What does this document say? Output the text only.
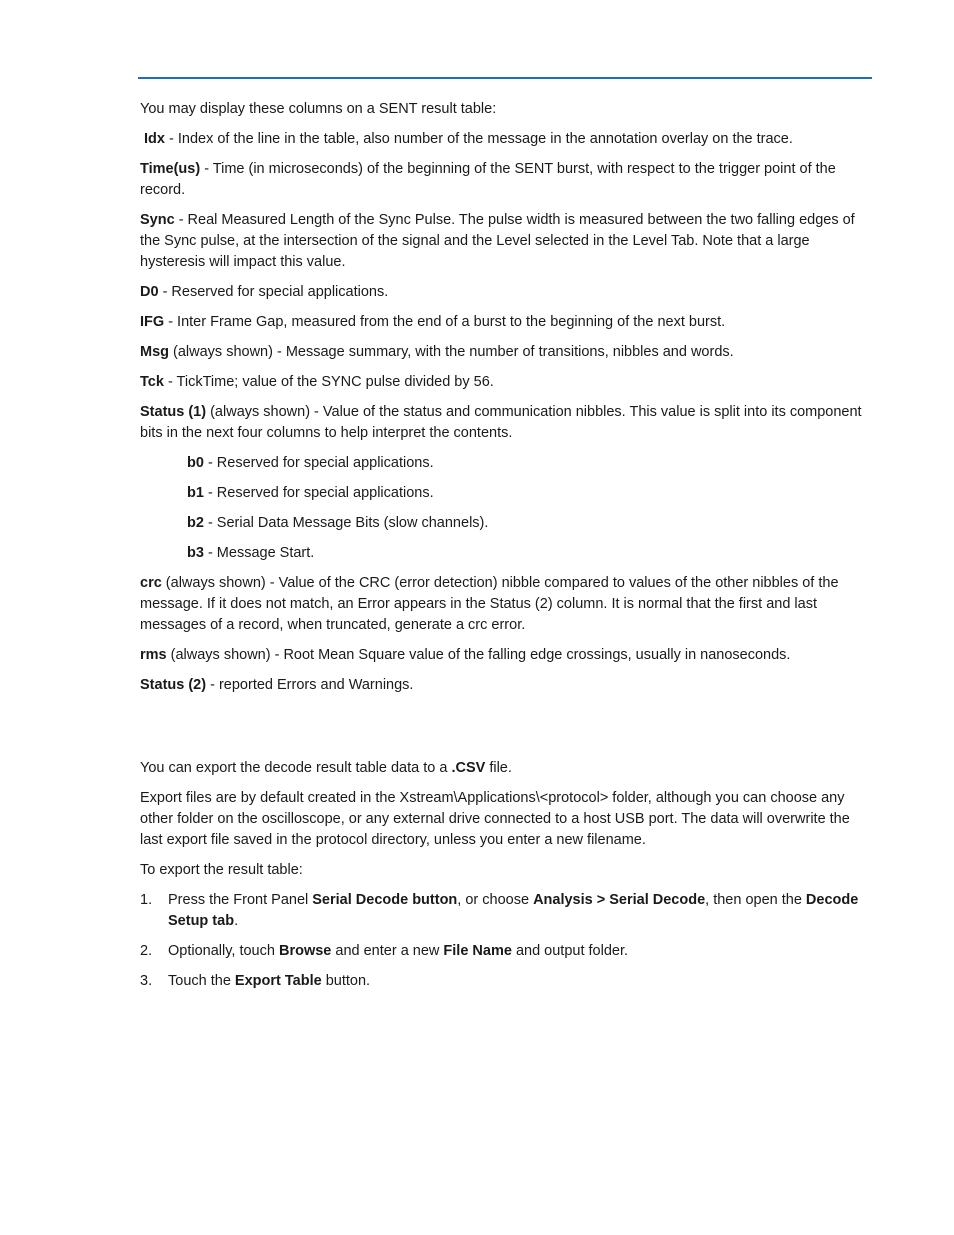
You may display these columns on a SENT result table:

Idx - Index of the line in the table, also number of the message in the annotation overlay on the trace.

Time(us) - Time (in microseconds) of the beginning of the SENT burst, with respect to the trigger point of the record.

Sync - Real Measured Length of the Sync Pulse. The pulse width is measured between the two falling edges of the Sync pulse, at the intersection of the signal and the Level selected in the Level Tab. Note that a large hysteresis will impact this value.

D0 - Reserved for special applications.

IFG - Inter Frame Gap, measured from the end of a burst to the beginning of the next burst.

Msg (always shown) - Message summary, with the number of transitions, nibbles and words.

Tck - TickTime; value of the SYNC pulse divided by 56.

Status (1) (always shown) - Value of the status and communication nibbles. This value is split into its component bits in the next four columns to help interpret the contents.

b0 - Reserved for special applications.

b1 - Reserved for special applications.

b2 - Serial Data Message Bits (slow channels).

b3 - Message Start.

crc (always shown) - Value of the CRC (error detection) nibble compared to values of the other nibbles of the message. If it does not match, an Error appears in the Status (2) column. It is normal that the first and last messages of a record, when truncated, generate a crc error.

rms (always shown) - Root Mean Square value of the falling edge crossings, usually in nanoseconds.

Status (2) - reported Errors and Warnings.

You can export the decode result table data to a .CSV file.

Export files are by default created in the Xstream\Applications\<protocol> folder, although you can choose any other folder on the oscilloscope, or any external drive connected to a host USB port. The data will overwrite the last export file saved in the protocol directory, unless you enter a new filename.

To export the result table:

1. Press the Front Panel Serial Decode button, or choose Analysis > Serial Decode, then open the Decode Setup tab.
2. Optionally, touch Browse and enter a new File Name and output folder.
3. Touch the Export Table button.
